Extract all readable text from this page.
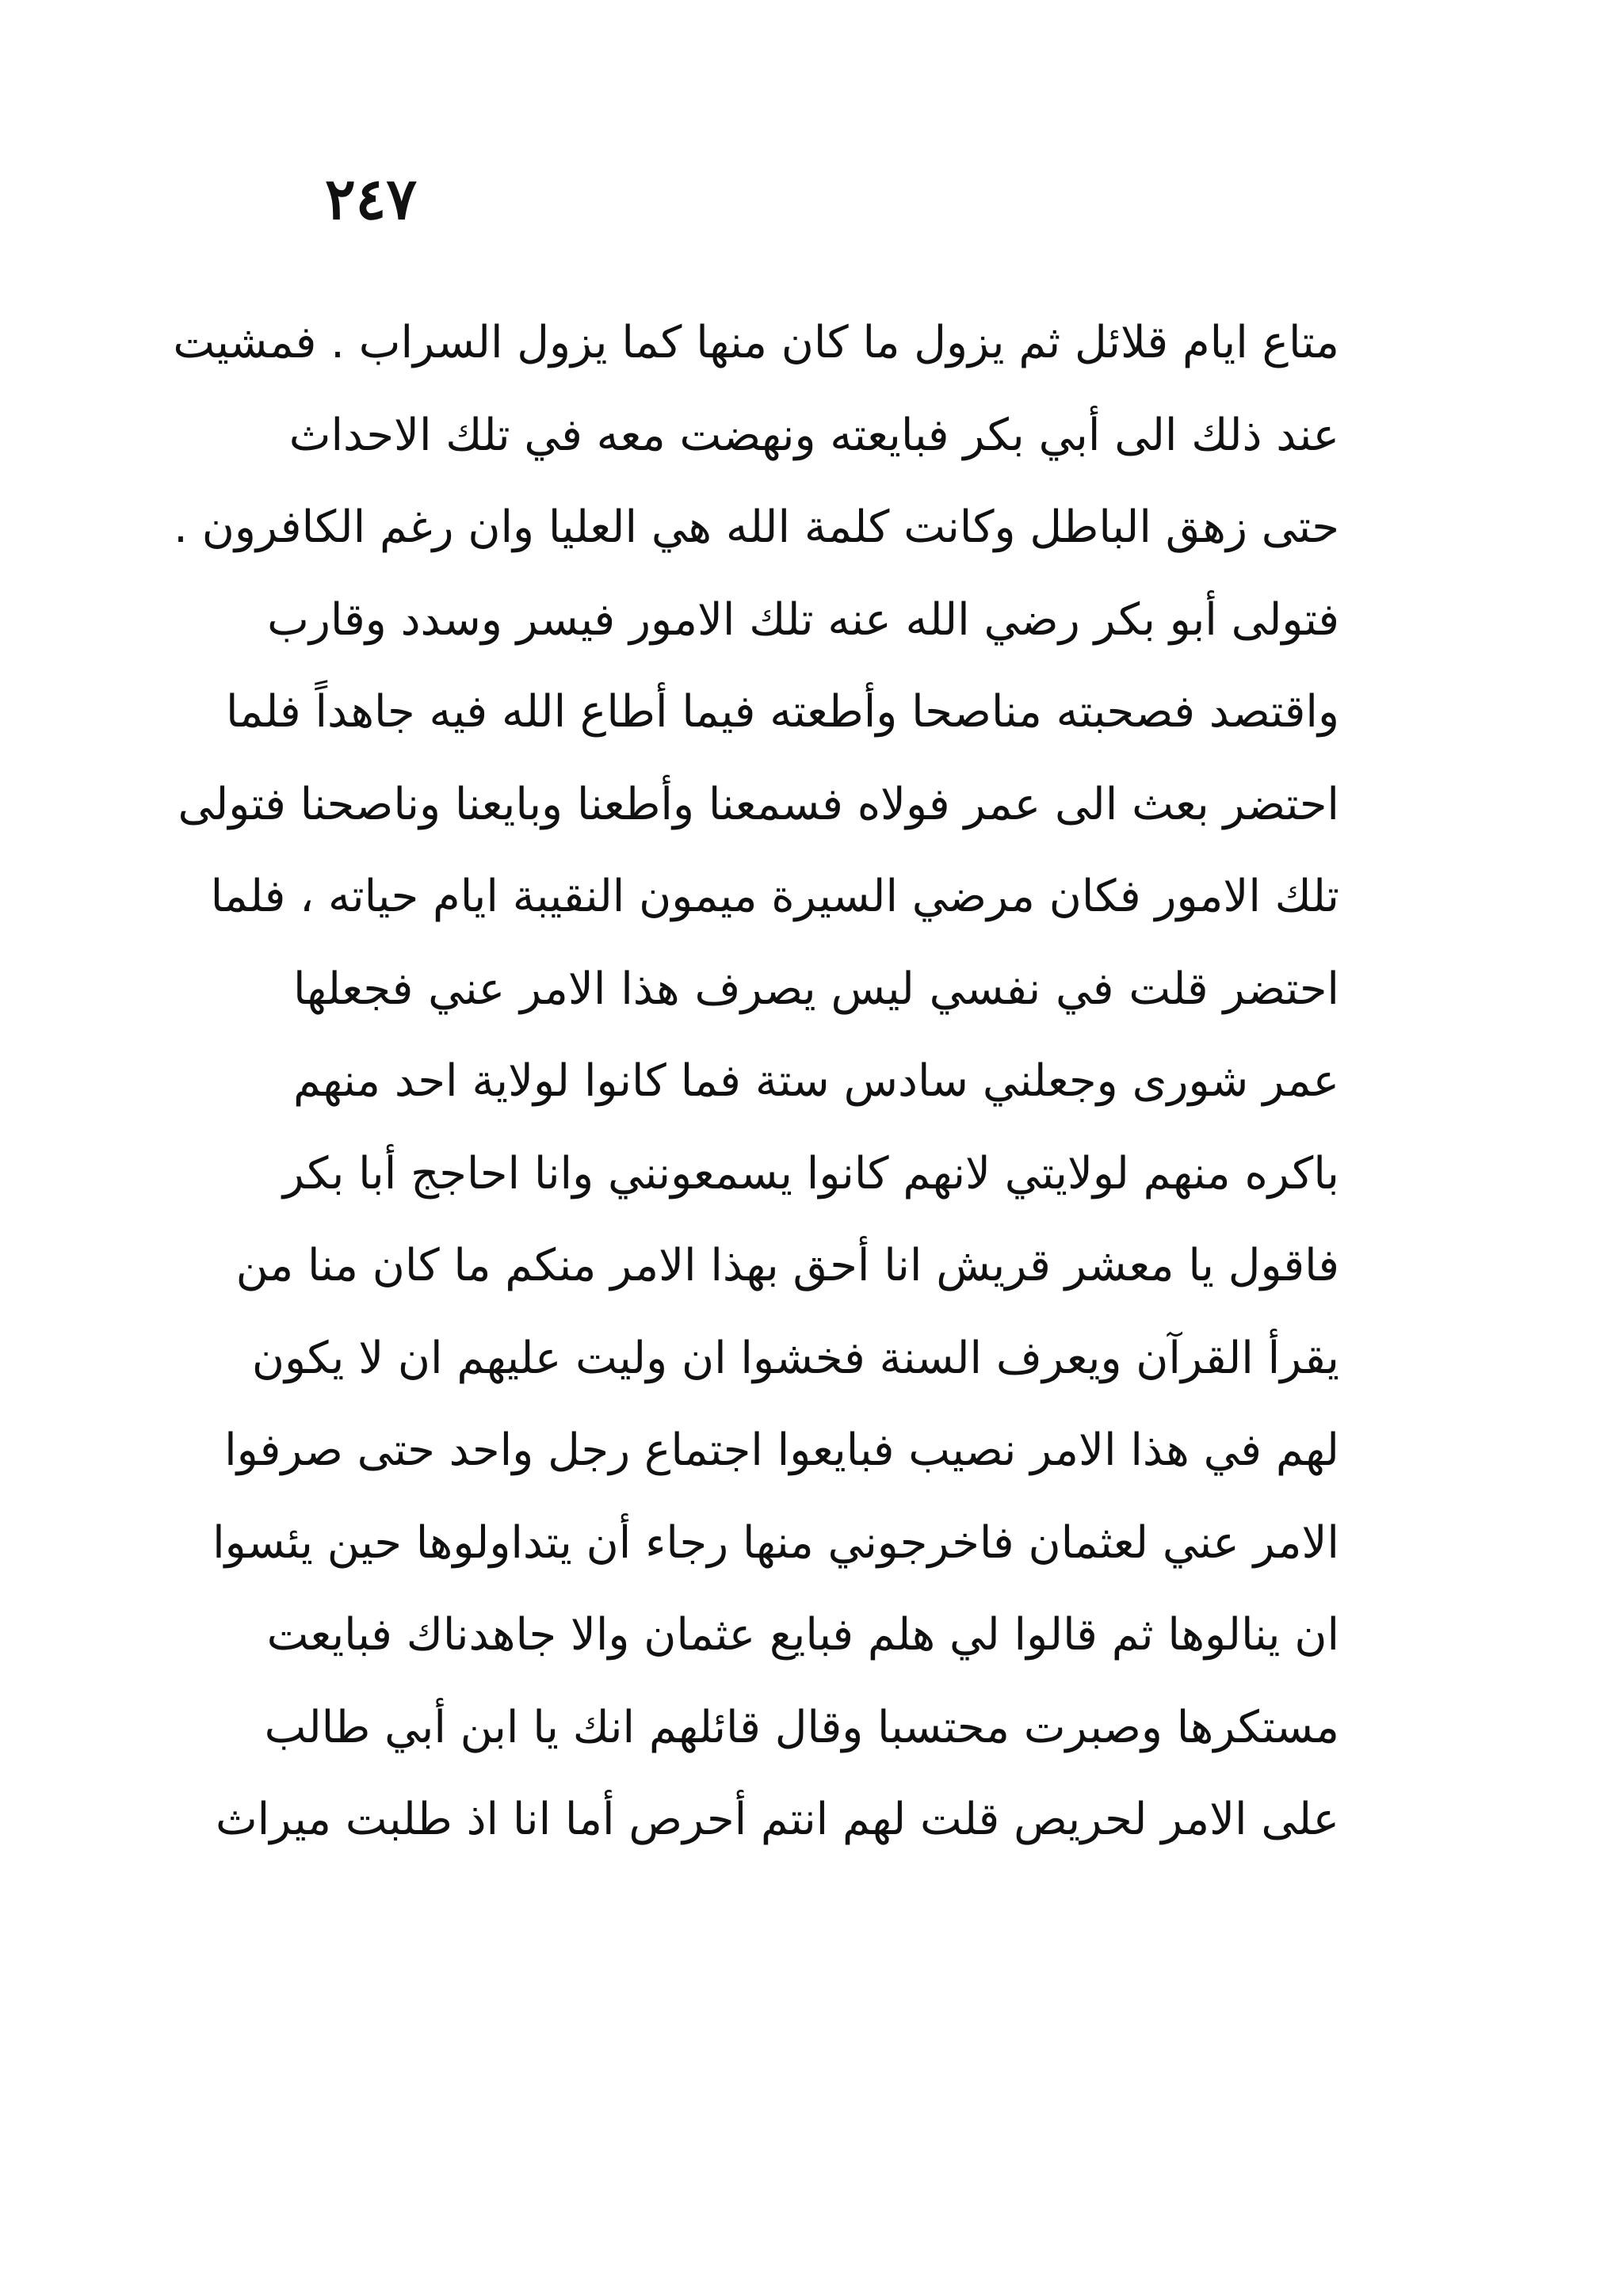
٢٤٧
متاع ايام قلائل ثم يزول ما كان منها كما يزول السراب . فمشيت
عند ذلك الى أبي بكر فبايعته ونهضت معه في تلك الاحداث
حتى زهق الباطل وكانت كلمة الله هي العليا وان رغم الكافرون .
فتولى أبو بكر رضي الله عنه تلك الامور فيسر وسدد وقارب
واقتصد فصحبته مناصحا وأطعته فيما أطاع الله فيه جاهداً فلما
احتضر بعث الى عمر فولاه فسمعنا وأطعنا وبايعنا وناصحنا فتولى
تلك الامور فكان مرضي السيرة ميمون النقيبة ايام حياته ، فلما
احتضر قلت في نفسي ليس يصرف هذا الامر عني فجعلها
عمر شورى وجعلني سادس ستة فما كانوا لولاية احد منهم
باكره منهم لولايتي لانهم كانوا يسمعونني وانا احاجج أبا بكر
فاقول يا معشر قريش انا أحق بهذا الامر منكم ما كان منا من
يقرأ القرآن ويعرف السنة فخشوا ان وليت عليهم ان لا يكون
لهم في هذا الامر نصيب فبايعوا اجتماع رجل واحد حتى صرفوا
الامر عني لعثمان فاخرجوني منها رجاء أن يتداولوها حين يئسوا
ان ينالوها ثم قالوا لي هلم فبايع عثمان والا جاهدناك فبايعت
مستكرها وصبرت محتسبا وقال قائلهم انك يا ابن أبي طالب
على الامر لحريص قلت لهم انتم أحرص أما انا اذ طلبت ميراث
